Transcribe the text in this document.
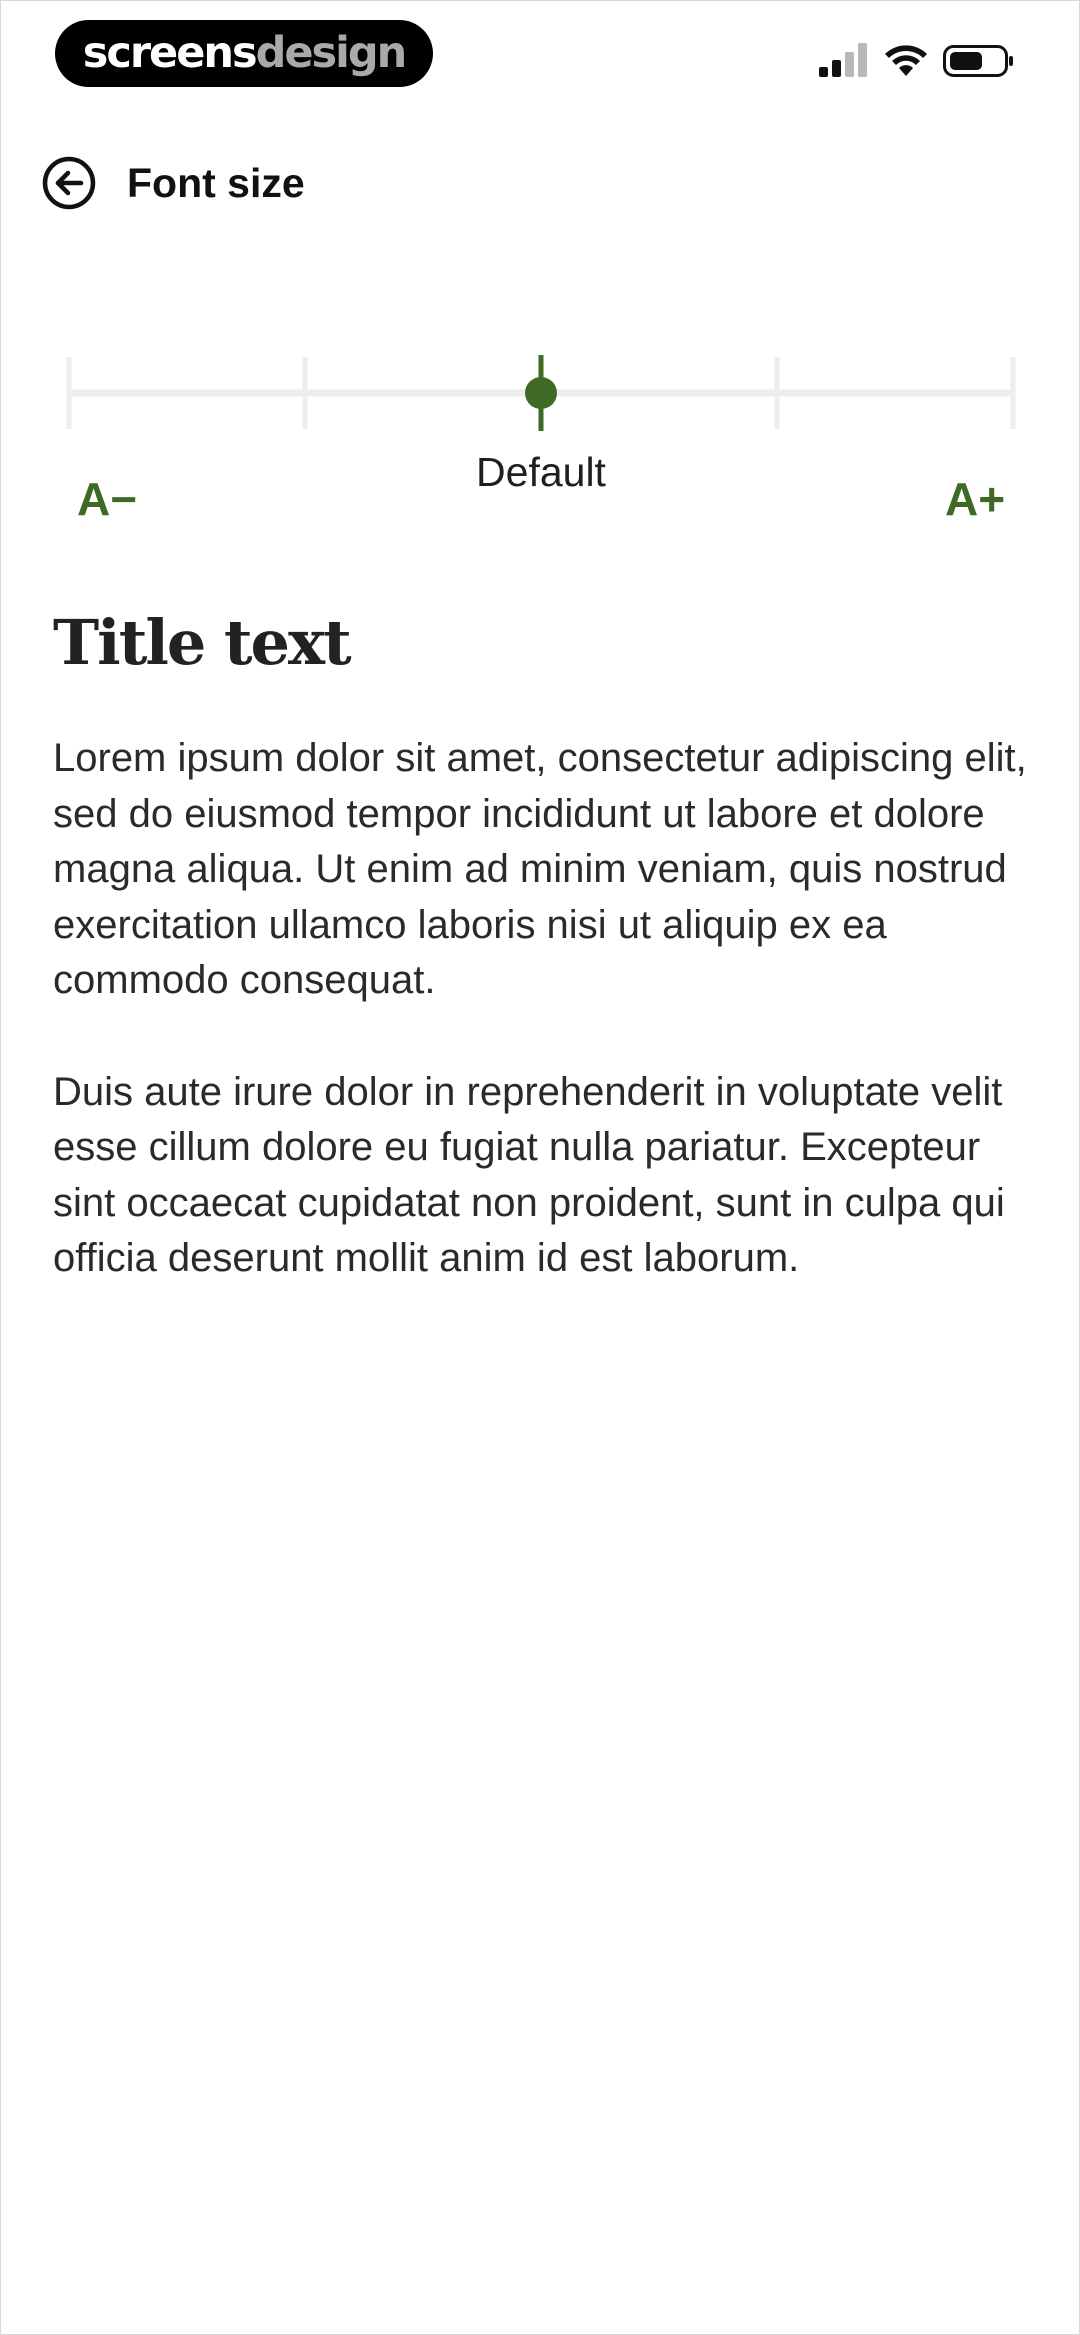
screensdesign
Font size
Default
A−	A+
Title text

Lorem ipsum dolor sit amet, consectetur adipiscing elit, sed do eiusmod tempor incididunt ut labore et dolore magna aliqua. Ut enim ad minim veniam, quis nostrud exercitation ullamco laboris nisi ut aliquip ex ea commodo consequat.

Duis aute irure dolor in reprehenderit in voluptate velit esse cillum dolore eu fugiat nulla pariatur. Excepteur sint occaecat cupidatat non proident, sunt in culpa qui officia deserunt mollit anim id est laborum.
